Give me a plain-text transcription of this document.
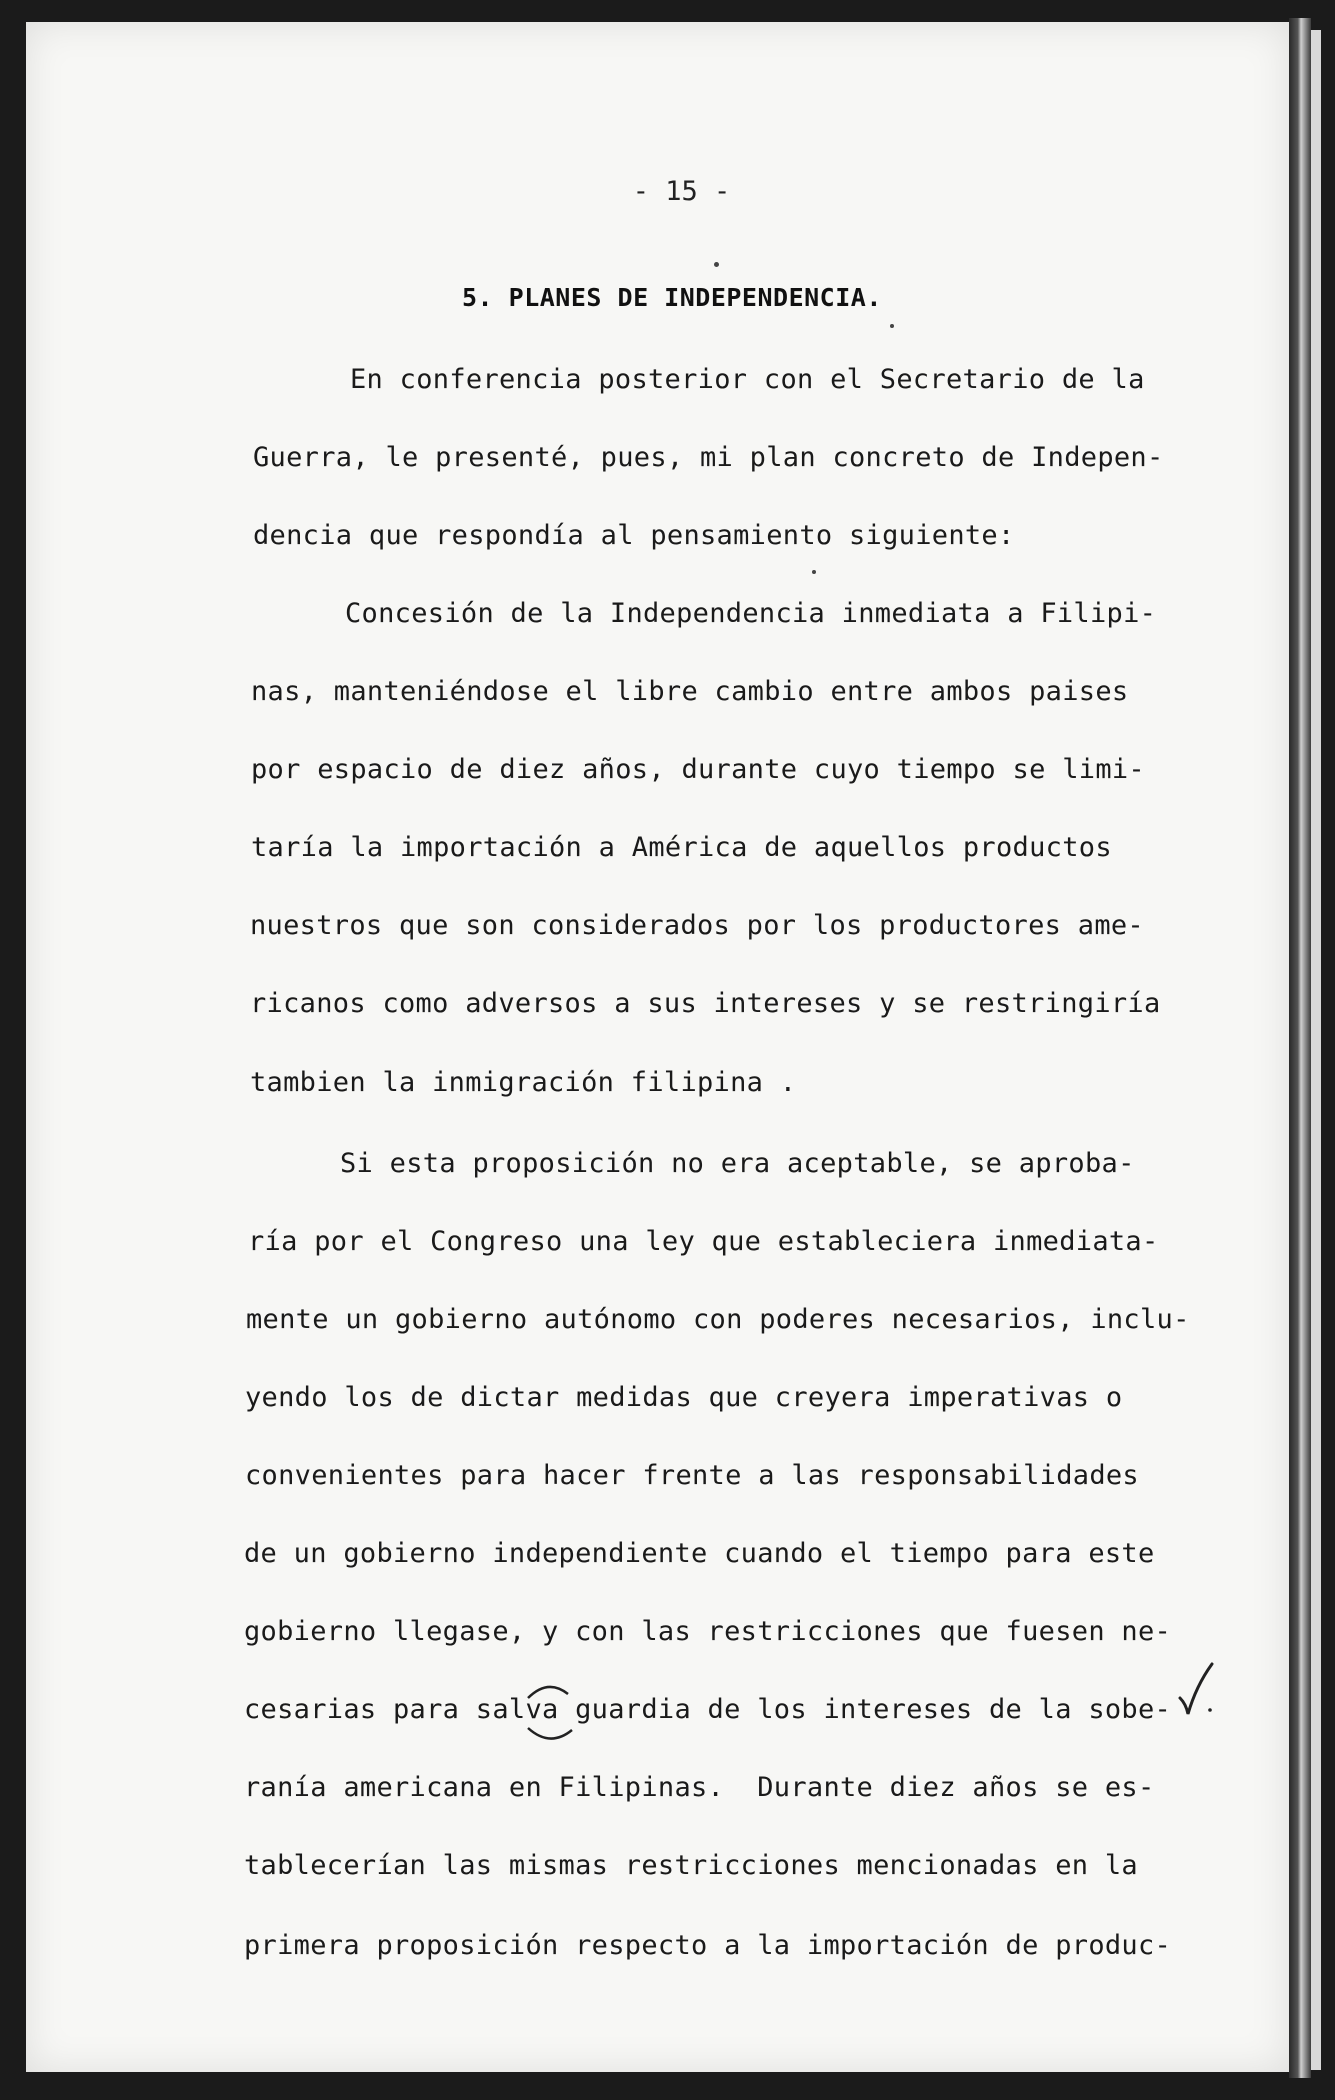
- 15 -
5. PLANES DE INDEPENDENCIA.
En conferencia posterior con el Secretario de la
Guerra, le presenté, pues, mi plan concreto de Indepen-
dencia que respondía al pensamiento siguiente:
Concesión de la Independencia inmediata a Filipi-
nas, manteniéndose el libre cambio entre ambos paises
por espacio de diez años, durante cuyo tiempo se limi-
taría la importación a América de aquellos productos
nuestros que son considerados por los productores ame-
ricanos como adversos a sus intereses y se restringiría
tambien la inmigración filipina .
Si esta proposición no era aceptable, se aproba-
ría por el Congreso una ley que estableciera inmediata-
mente un gobierno autónomo con poderes necesarios, inclu-
yendo los de dictar medidas que creyera imperativas o
convenientes para hacer frente a las responsabilidades
de un gobierno independiente cuando el tiempo para este
gobierno llegase, y con las restricciones que fuesen ne-
cesarias para salva guardia de los intereses de la sobe-
ranía americana en Filipinas.  Durante diez años se es-
tablecerían las mismas restricciones mencionadas en la
primera proposición respecto a la importación de produc-
